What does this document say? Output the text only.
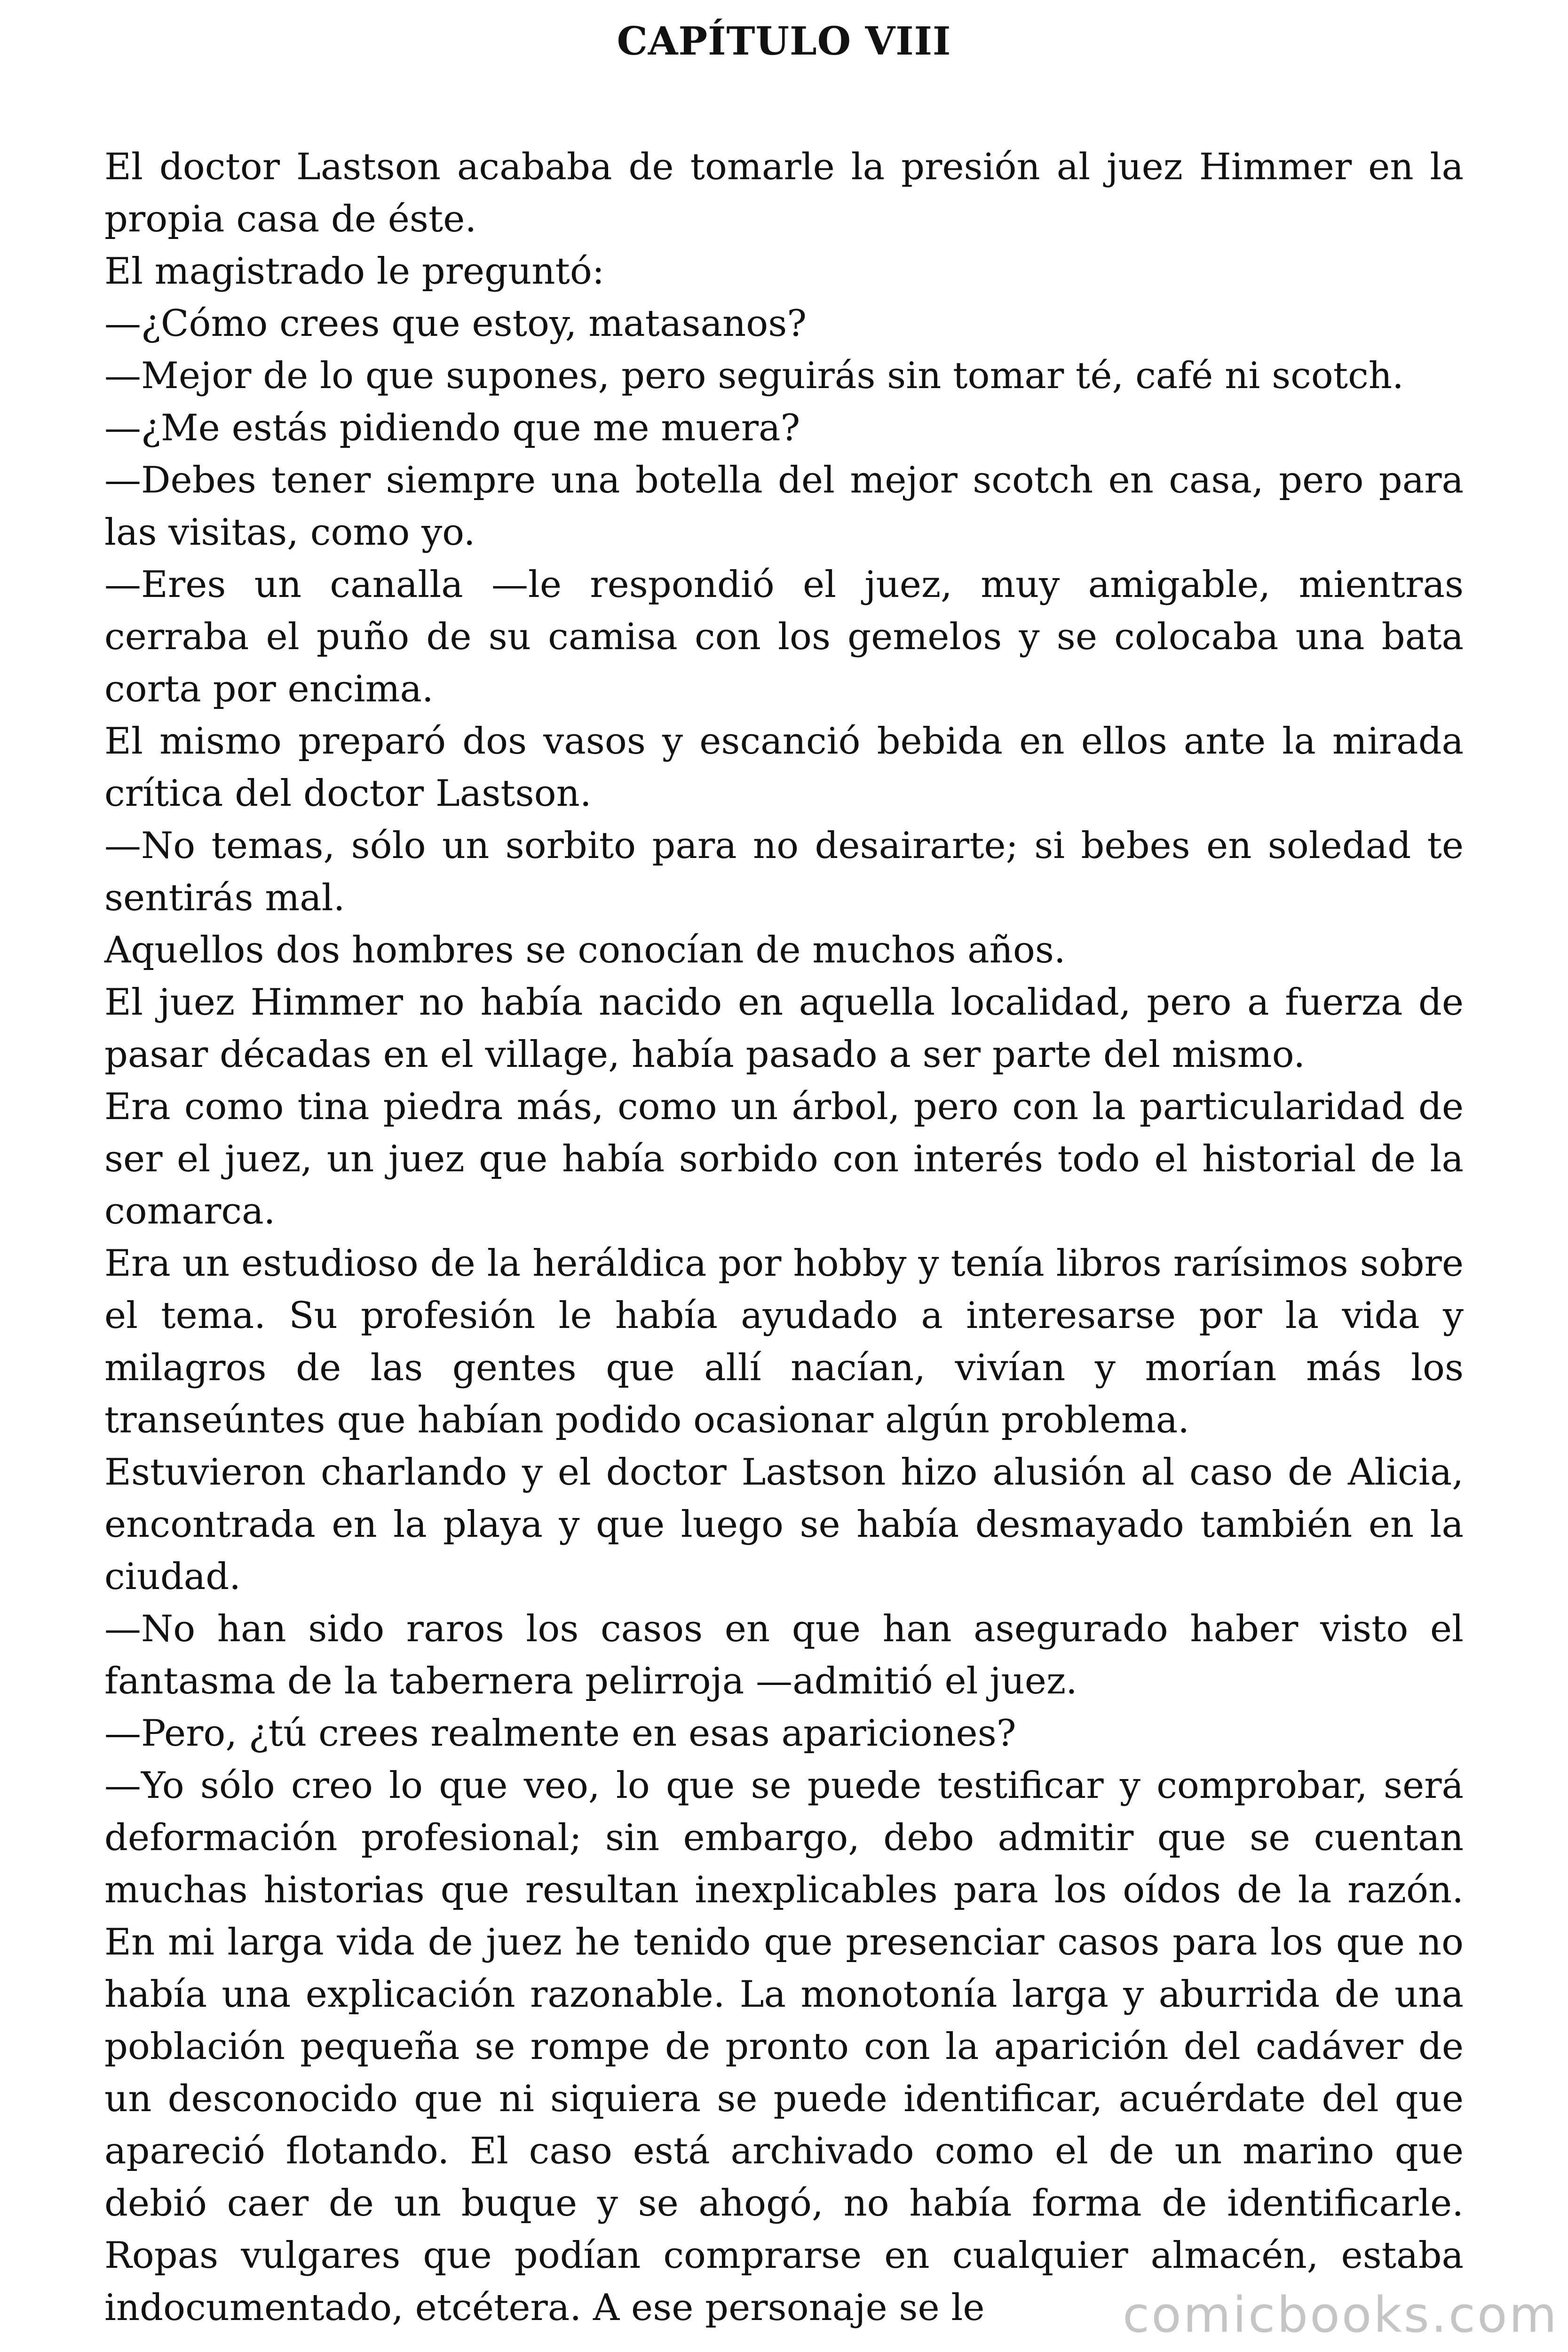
CAPÍTULO VIII

El doctor Lastson acababa de tomarle la presión al juez Himmer en la propia casa de éste.

El magistrado le preguntó:

—¿Cómo crees que estoy, matasanos?

—Mejor de lo que supones, pero seguirás sin tomar té, café ni scotch.

—¿Me estás pidiendo que me muera?

—Debes tener siempre una botella del mejor scotch en casa, pero para las visitas, como yo.

—Eres un canalla —le respondió el juez, muy amigable, mientras cerraba el puño de su camisa con los gemelos y se colocaba una bata corta por encima.

El mismo preparó dos vasos y escanció bebida en ellos ante la mirada crítica del doctor Lastson.

—No temas, sólo un sorbito para no desairarte; si bebes en soledad te sentirás mal.

Aquellos dos hombres se conocían de muchos años.

El juez Himmer no había nacido en aquella localidad, pero a fuerza de pasar décadas en el village, había pasado a ser parte del mismo.

Era como tina piedra más, como un árbol, pero con la particularidad de ser el juez, un juez que había sorbido con interés todo el historial de la comarca.

Era un estudioso de la heráldica por hobby y tenía libros rarísimos sobre el tema. Su profesión le había ayudado a interesarse por la vida y milagros de las gentes que allí nacían, vivían y morían más los transeúntes que habían podido ocasionar algún problema.

Estuvieron charlando y el doctor Lastson hizo alusión al caso de Alicia, encontrada en la playa y que luego se había desmayado también en la ciudad.

—No han sido raros los casos en que han asegurado haber visto el fantasma de la tabernera pelirroja —admitió el juez.

—Pero, ¿tú crees realmente en esas apariciones?

—Yo sólo creo lo que veo, lo que se puede testificar y comprobar, será deformación profesional; sin embargo, debo admitir que se cuentan muchas historias que resultan inexplicables para los oídos de la razón. En mi larga vida de juez he tenido que presenciar casos para los que no había una explicación razonable. La monotonía larga y aburrida de una población pequeña se rompe de pronto con la aparición del cadáver de un desconocido que ni siquiera se puede identificar, acuérdate del que apareció flotando. El caso está archivado como el de un marino que debió caer de un buque y se ahogó, no había forma de identificarle. Ropas vulgares que podían comprarse en cualquier almacén, estaba indocumentado, etcétera. A ese personaje se le	comicbooks.com
